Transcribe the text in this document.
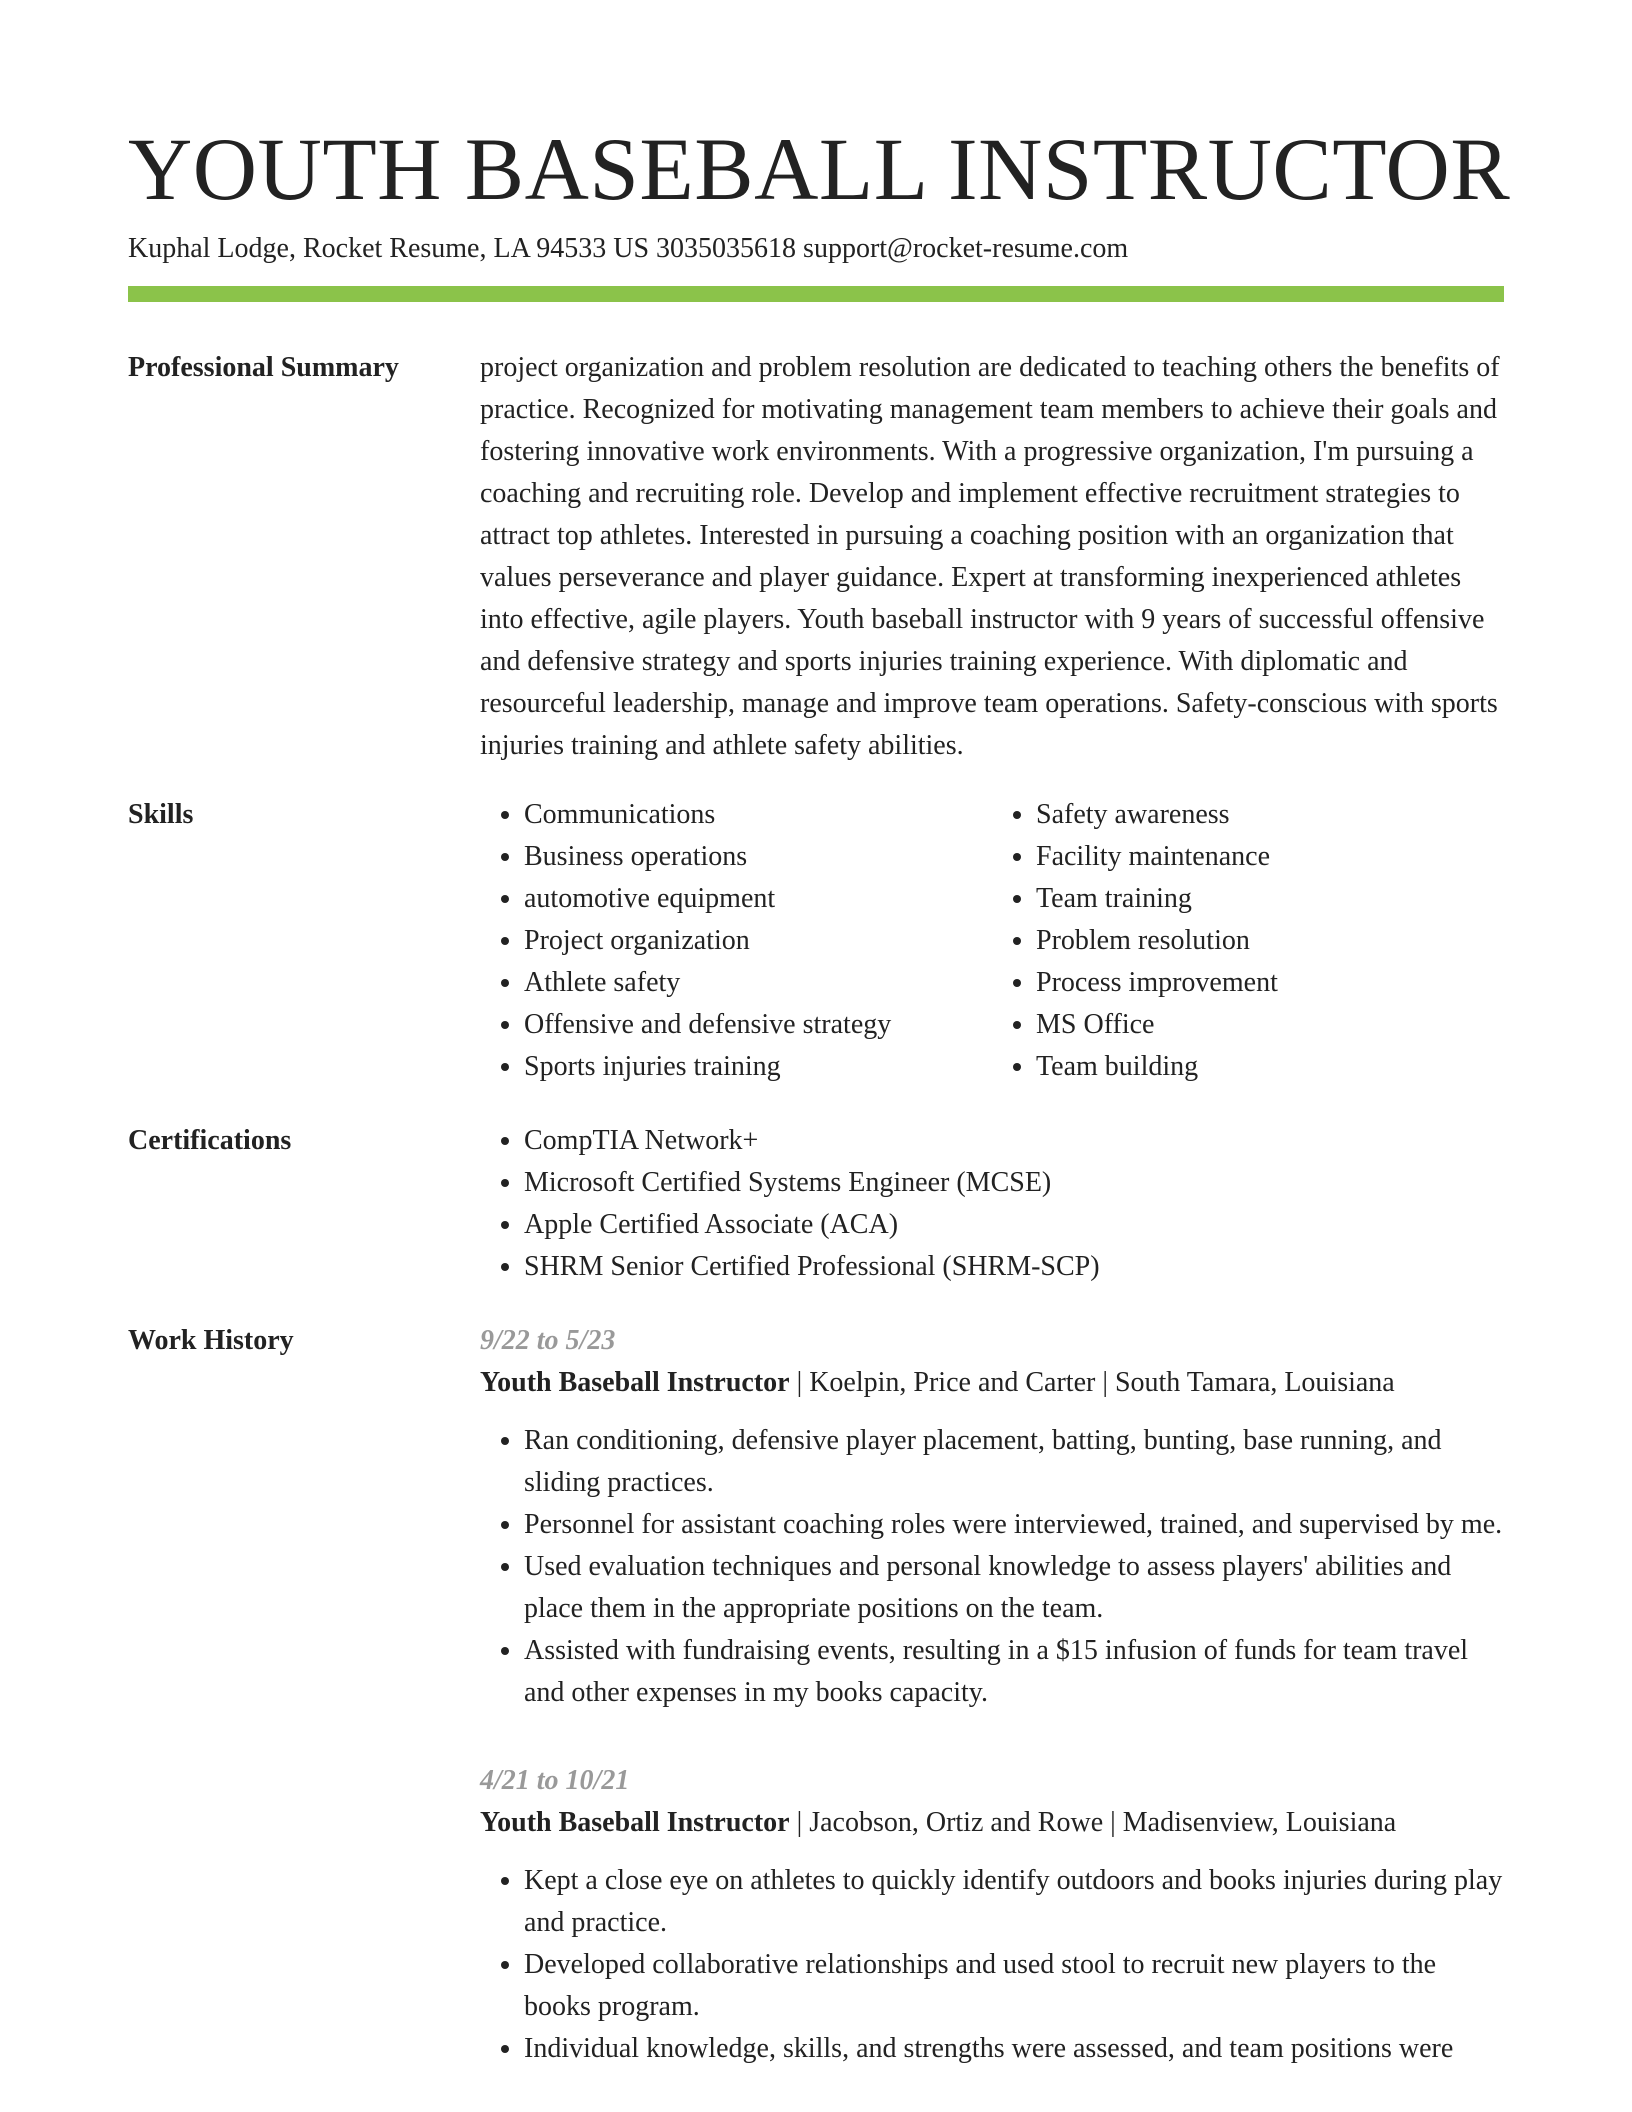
YOUTH BASEBALL INSTRUCTOR
Kuphal Lodge, Rocket Resume, LA 94533 US 3035035618 support@rocket-resume.com
Professional Summary	project organization and problem resolution are dedicated to teaching others the benefits of practice. Recognized for motivating management team members to achieve their goals and fostering innovative work environments. With a progressive organization, I'm pursuing a coaching and recruiting role. Develop and implement effective recruitment strategies to attract top athletes. Interested in pursuing a coaching position with an organization that values perseverance and player guidance. Expert at transforming inexperienced athletes into effective, agile players. Youth baseball instructor with 9 years of successful offensive and defensive strategy and sports injuries training experience. With diplomatic and resourceful leadership, manage and improve team operations. Safety-conscious with sports injuries training and athlete safety abilities.

Skills	• Communications
• Business operations
• automotive equipment
• Project organization
• Athlete safety
• Offensive and defensive strategy
• Sports injuries training
• Safety awareness
• Facility maintenance
• Team training
• Problem resolution
• Process improvement
• MS Office
• Team building
Certifications	• CompTIA Network+
• Microsoft Certified Systems Engineer (MCSE)
• Apple Certified Associate (ACA)
• SHRM Senior Certified Professional (SHRM-SCP)
Work History	9/22 to 5/23
Youth Baseball Instructor | Koelpin, Price and Carter | South Tamara, Louisiana
• Ran conditioning, defensive player placement, batting, bunting, base running, and sliding practices.
• Personnel for assistant coaching roles were interviewed, trained, and supervised by me.
• Used evaluation techniques and personal knowledge to assess players' abilities and place them in the appropriate positions on the team.
• Assisted with fundraising events, resulting in a $15 infusion of funds for team travel and other expenses in my books capacity.
4/21 to 10/21
Youth Baseball Instructor | Jacobson, Ortiz and Rowe | Madisenview, Louisiana
• Kept a close eye on athletes to quickly identify outdoors and books injuries during play and practice.
• Developed collaborative relationships and used stool to recruit new players to the books program.
• Individual knowledge, skills, and strengths were assessed, and team positions were
